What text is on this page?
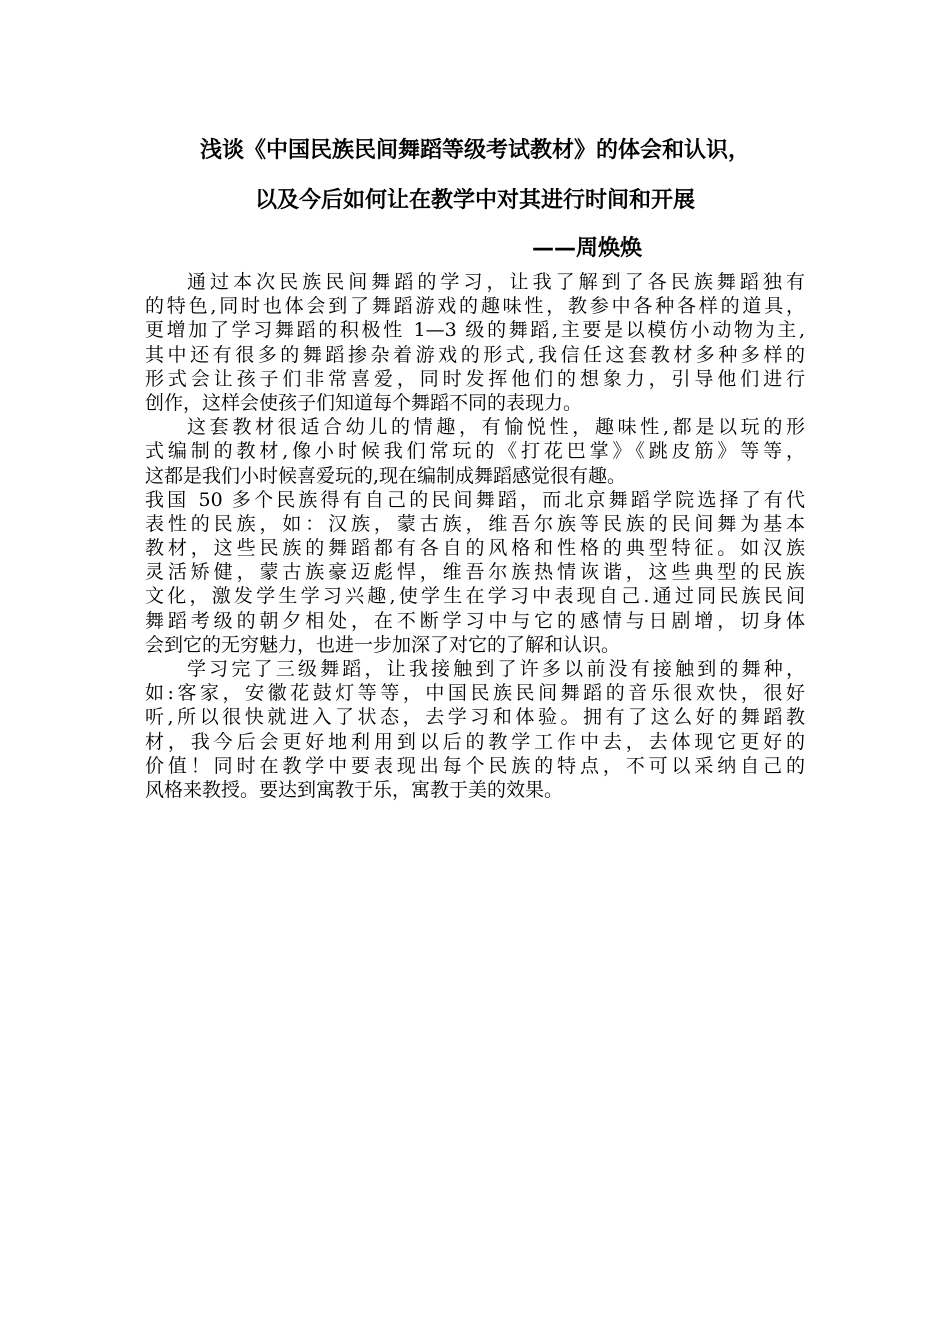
浅谈《中国民族民间舞蹈等级考试教材》的体会和认识，
以及今后如何让在教学中对其进行时间和开展
——周焕焕
通过本次民族民间舞蹈的学习，让我了解到了各民族舞蹈独有
的特色,同时也体会到了舞蹈游戏的趣味性，教参中各种各样的道具，
更增加了学习舞蹈的积极性 1—3 级的舞蹈,主要是以模仿小动物为主,
其中还有很多的舞蹈掺杂着游戏的形式,我信任这套教材多种多样的
形式会让孩子们非常喜爱，同时发挥他们的想象力，引导他们进行
创作，这样会使孩子们知道每个舞蹈不同的表现力。
这套教材很适合幼儿的情趣，有愉悦性，趣味性,都是以玩的形
式编制的教材,像小时候我们常玩的《打花巴掌》《跳皮筋》等等，
这都是我们小时候喜爱玩的,现在编制成舞蹈感觉很有趣。
我国 50 多个民族得有自己的民间舞蹈，而北京舞蹈学院选择了有代
表性的民族，如：汉族，蒙古族，维吾尔族等民族的民间舞为基本
教材，这些民族的舞蹈都有各自的风格和性格的典型特征。如汉族
灵活矫健，蒙古族豪迈彪悍，维吾尔族热情诙谐，这些典型的民族
文化，激发学生学习兴趣,使学生在学习中表现自己.通过同民族民间
舞蹈考级的朝夕相处，在不断学习中与它的感情与日剧增，切身体
会到它的无穷魅力，也进一步加深了对它的了解和认识。
学习完了三级舞蹈，让我接触到了许多以前没有接触到的舞种，
如:客家，安徽花鼓灯等等，中国民族民间舞蹈的音乐很欢快，很好
听,所以很快就进入了状态，去学习和体验。拥有了这么好的舞蹈教
材，我今后会更好地利用到以后的教学工作中去，去体现它更好的
价值！同时在教学中要表现出每个民族的特点，不可以采纳自己的
风格来教授。要达到寓教于乐，寓教于美的效果。
